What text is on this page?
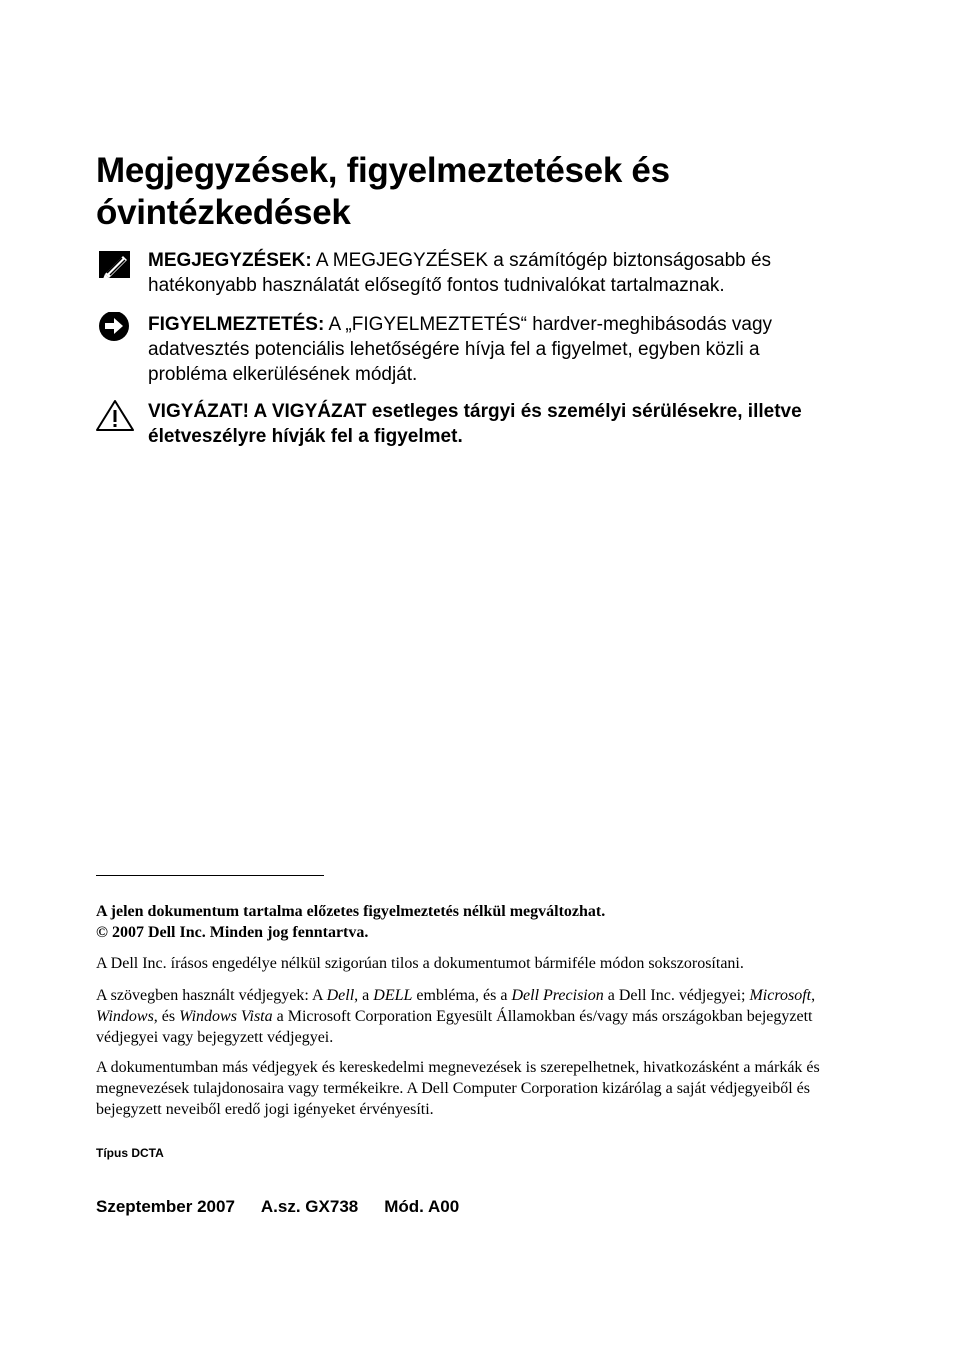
Megjegyzések, figyelmeztetések és
óvintézkedések
MEGJEGYZÉSEK: A MEGJEGYZÉSEK a számítógép biztonságosabb és hatékonyabb használatát elősegítő fontos tudnivalókat tartalmaznak.
FIGYELMEZTETÉS: A „FIGYELMEZTETÉS“ hardver-meghibásodás vagy adatvesztés potenciális lehetőségére hívja fel a figyelmet, egyben közli a probléma elkerülésének módját.
VIGYÁZAT! A VIGYÁZAT esetleges tárgyi és személyi sérülésekre, illetve életveszélyre hívják fel a figyelmet.
A jelen dokumentum tartalma előzetes figyelmeztetés nélkül megváltozhat.
© 2007 Dell Inc. Minden jog fenntartva.
A Dell Inc. írásos engedélye nélkül szigorúan tilos a dokumentumot bármiféle módon sokszorosítani.
A szövegben használt védjegyek: A Dell, a DELL embléma, és a Dell Precision a Dell Inc. védjegyei; Microsoft, Windows, és Windows Vista a Microsoft Corporation Egyesült Államokban és/vagy más országokban bejegyzett védjegyei vagy bejegyzett védjegyei.
A dokumentumban más védjegyek és kereskedelmi megnevezések is szerepelhetnek, hivatkozásként a márkák és megnevezések tulajdonosaira vagy termékeikre. A Dell Computer Corporation kizárólag a saját védjegyeiből és bejegyzett neveiből eredő jogi igényeket érvényesíti.
Típus DCTA
Szeptember 2007 A.sz. GX738 Mód. A00
